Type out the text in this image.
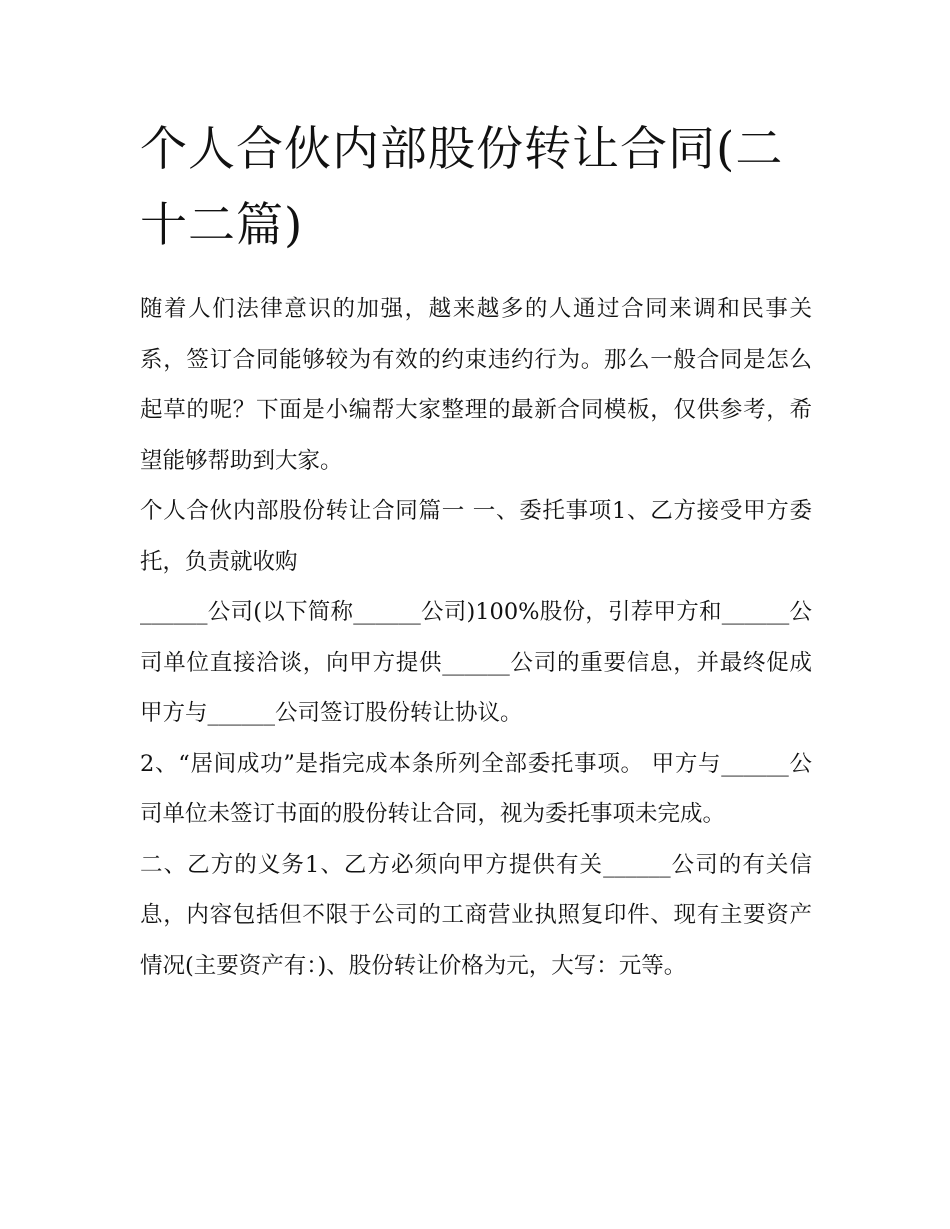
个人合伙内部股份转让合同(二十二篇)

随着人们法律意识的加强，越来越多的人通过合同来调和民事关系，签订合同能够较为有效的约束违约行为。那么一般合同是怎么起草的呢？下面是小编帮大家整理的最新合同模板，仅供参考，希望能够帮助到大家。

个人合伙内部股份转让合同篇一 一、委托事项1、乙方接受甲方委托，负责就收购

______公司(以下简称______公司)100%股份，引荐甲方和______公司单位直接洽谈，向甲方提供______公司的重要信息，并最终促成甲方与______公司签订股份转让协议。

2、“居间成功”是指完成本条所列全部委托事项。 甲方与______公司单位未签订书面的股份转让合同，视为委托事项未完成。

二、乙方的义务1、乙方必须向甲方提供有关______公司的有关信息，内容包括但不限于公司的工商营业执照复印件、现有主要资产情况(主要资产有：)、股份转让价格为元，大写：元等。
